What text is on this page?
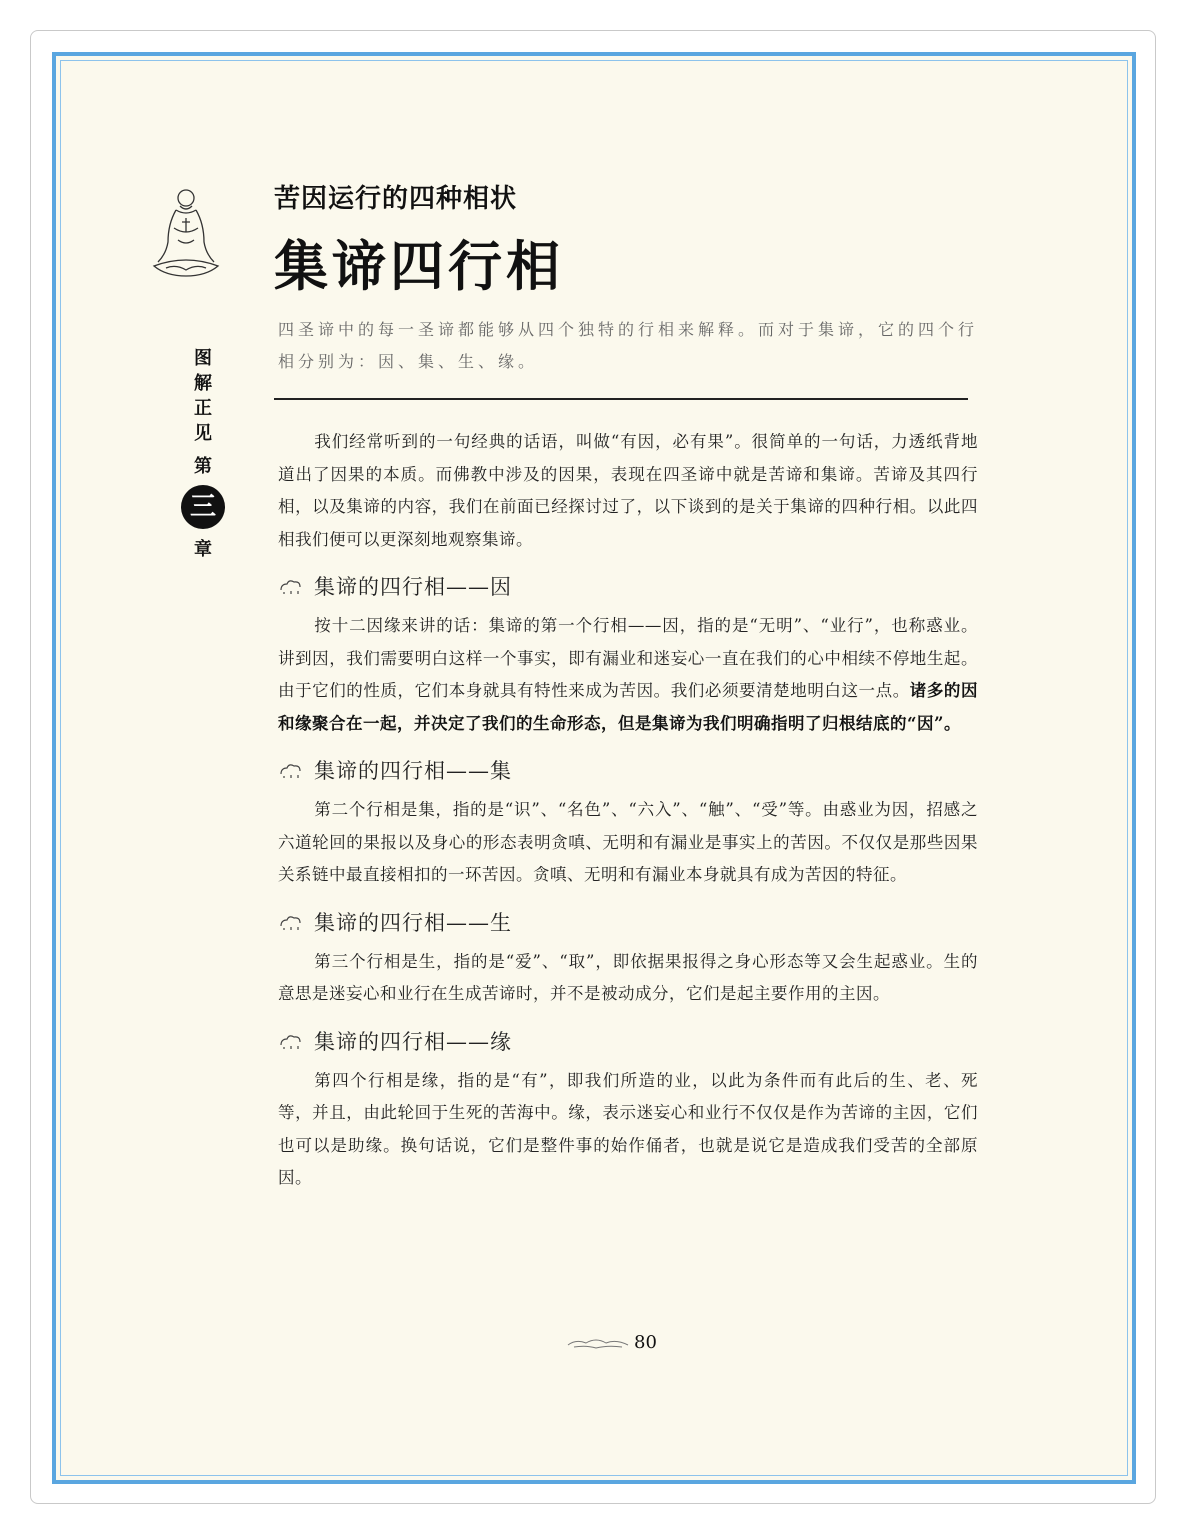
图
解
正
见
第
三
章
苦因运行的四种相状
集谛四行相
四圣谛中的每一圣谛都能够从四个独特的行相来解释。而对于集谛，它的四个行
相分别为：因、集、生、缘。

我们经常听到的一句经典的话语，叫做“有因，必有果”。很简单的一句话，力透纸背地道出了因果的本质。而佛教中涉及的因果，表现在四圣谛中就是苦谛和集谛。苦谛及其四行相，以及集谛的内容，我们在前面已经探讨过了，以下谈到的是关于集谛的四种行相。以此四相我们便可以更深刻地观察集谛。

集谛的四行相——因

按十二因缘来讲的话：集谛的第一个行相——因，指的是“无明”、“业行”，也称惑业。讲到因，我们需要明白这样一个事实，即有漏业和迷妄心一直在我们的心中相续不停地生起。由于它们的性质，它们本身就具有特性来成为苦因。我们必须要清楚地明白这一点。诸多的因和缘聚合在一起，并决定了我们的生命形态，但是集谛为我们明确指明了归根结底的“因”。

集谛的四行相——集

第二个行相是集，指的是“识”、“名色”、“六入”、“触”、“受”等。由惑业为因，招感之六道轮回的果报以及身心的形态表明贪嗔、无明和有漏业是事实上的苦因。不仅仅是那些因果关系链中最直接相扣的一环苦因。贪嗔、无明和有漏业本身就具有成为苦因的特征。

集谛的四行相——生

第三个行相是生，指的是“爱”、“取”，即依据果报得之身心形态等又会生起惑业。生的意思是迷妄心和业行在生成苦谛时，并不是被动成分，它们是起主要作用的主因。

集谛的四行相——缘

第四个行相是缘，指的是“有”，即我们所造的业，以此为条件而有此后的生、老、死等，并且，由此轮回于生死的苦海中。缘，表示迷妄心和业行不仅仅是作为苦谛的主因，它们也可以是助缘。换句话说，它们是整件事的始作俑者，也就是说它是造成我们受苦的全部原因。

80
